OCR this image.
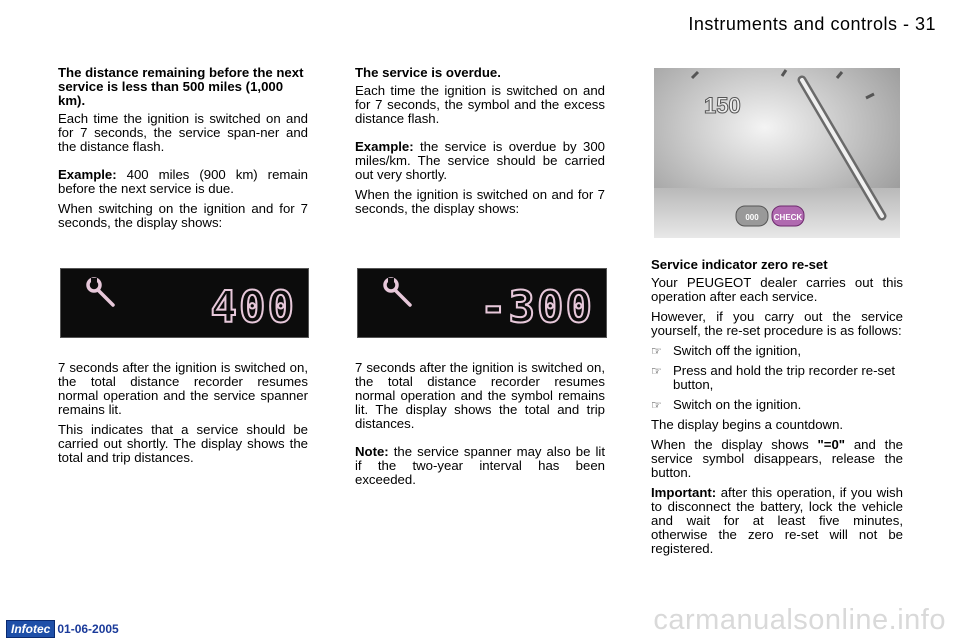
Instruments and controls - 31

The distance remaining before the next service is less than 500 miles (1,000 km).

Each time the ignition is switched on and for 7 seconds, the service span-ner and the distance flash.

Example: 400 miles (900 km) remain before the next service is due.

When switching on the ignition and for 7 seconds, the display shows:

400

7 seconds after the ignition is switched on, the total distance recorder resumes normal operation and the service spanner remains lit.

This indicates that a service should be carried out shortly. The display shows the total and trip distances.

The service is overdue.

Each time the ignition is switched on and for 7 seconds, the symbol and the excess distance flash.

Example: the service is overdue by 300 miles/km. The service should be carried out very shortly.

When the ignition is switched on and for 7 seconds, the display shows:

-300

7 seconds after the ignition is switched on, the total distance recorder resumes normal operation and the symbol remains lit. The display shows the total and trip distances.

Note: the service spanner may also be lit if the two-year interval has been exceeded.

150
000 CHECK

Service indicator zero re-set

Your PEUGEOT dealer carries out this operation after each service.

However, if you carry out the service yourself, the re-set procedure is as follows:

☞ Switch off the ignition,

☞ Press and hold the trip recorder re-set button,

☞ Switch on the ignition.

The display begins a countdown.

When the display shows "=0" and the service symbol disappears, release the button.

Important: after this operation, if you wish to disconnect the battery, lock the vehicle and wait for at least five minutes, otherwise the zero re-set will not be registered.

Infotec 01-06-2005	carmanualsonline.info
